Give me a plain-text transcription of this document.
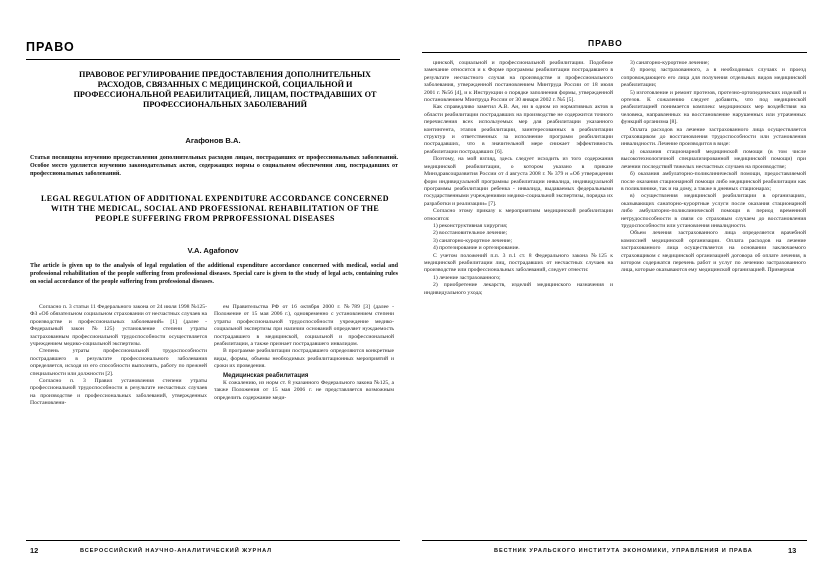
ПРАВО
ПРАВОВОЕ РЕГУЛИРОВАНИЕ ПРЕДОСТАВЛЕНИЯ ДОПОЛНИТЕЛЬНЫХ РАСХОДОВ, СВЯЗАННЫХ С МЕДИЦИНСКОЙ, СОЦИАЛЬНОЙ И ПРОФЕССИОНАЛЬНОЙ РЕАБИЛИТАЦИЕЙ, ЛИЦАМ, ПОСТРАДАВШИХ ОТ ПРОФЕССИОНАЛЬНЫХ ЗАБОЛЕВАНИЙ
Агафонов В.А.
Статья посвящена изучению предоставления дополнительных расходов лицам, пострадавших от профессиональных заболеваний. Особое место уделяется изучению законодательных актов, содержащих нормы о социальном обеспечении лиц, пострадавших от профессиональных заболеваний.
LEGAL REGULATION OF ADDITIONAL EXPENDITURE ACCORDANCE CONCERNED WITH THE MEDICAL, SOCIAL AND PROFESSIONAL REHABILITATION OF THE PEOPLE SUFFERING FROM PRPROFESSIONAL DISEASES
V.A. Agafonov
The article is given up to the analysis of legal regulation of the additional expenditure accordance concerned with medical, social and professional rehabilitation of the people suffering from professional diseases. Special care is given to the study of legal acts, containing rules on social accordance of the people suffering from professional diseases.

Согласно п. 3 статьи 11 Федерального закона от 24 июля 1998 №125-ФЗ «Об обязательном социальном страховании от несчастных случаев на производстве и профессиональных заболеваний» [1] (далее - Федеральный закон №125) установление степени утраты застрахованным профессиональной трудоспособности осуществляется учреждением медико-социальной экспертизы.

Степень утраты профессиональной трудоспособности пострадавшего в результате профессионального заболевания определяется, исходя из его способности выполнять, работу по прежней специальности или должности [2].

Согласно п. 3 Правил установления степени утраты профессиональной трудоспособности в результате несчастных случаев на производстве и профессиональных заболеваний, утвержденных Постановлени-

ем Правительства РФ от 16 октября 2000 г. №789 [3] (далее - Положение от 15 мая 2006 г.), одновременно с установлением степени утраты профессиональной трудоспособности учреждение медико-социальной экспертизы при наличии оснований определяет нуждаемость пострадавшего в медицинской, социальной и профессиональной реабилитации, а также признает пострадавшего инвалидом.

В программе реабилитации пострадавшего определяются конкретные виды, формы, объемы необходимых реабилитационных мероприятий и сроки их проведения.

Медицинская реабилитация

К сожалению, из норм ст. 8 указанного Федерального закона №125, а также Положения от 15 мая 2006 г. не представляется возможным определить содержание меди-

12	ВСЕРОССИЙСКИЙ НАУЧНО-АНАЛИТИЧЕСКИЙ ЖУРНАЛ
ПРАВО

цинской, социальной и профессиональной реабилитации. Подобное замечание относится и к Форме программы реабилитации пострадавшего в результате несчастного случая на производстве и профессионального заболевания, утвержденной постановлением Минтруда России от 18 июля 2001 г. №56 [4], и к Инструкции о порядке заполнения формы, утвержденной постановлением Минтруда России от 30 января 2002 г. №5 [5].

Как справедливо заметил А.В. Ан, ни в одном из нормативных актов в области реабилитации пострадавших на производстве не содержится точного перечисления всех используемых мер для реабилитации указанного контингента, этапов реабилитации, заинтересованных в реабилитации структур и ответственных за исполнение программ реабилитации пострадавших, что в значительной мере снижает эффективность реабилитации пострадавших [6].

Поэтому, на мой взгляд, здесь следует исходить из того содержания медицинской реабилитации, о котором указано в приказе Минздравсоцразвития России от 4 августа 2008 г. № 379 н «Об утверждении форм индивидуальной программы реабилитации инвалида, индивидуальной программы реабилитации ребенка - инвалида, выдаваемых федеральными государственными учреждениями медико-социальной экспертизы, порядка их разработки и реализации» [7].

Согласно этому приказу к мероприятиям медицинской реабилитации относятся:

1) реконструктивная хирургия;

2) восстановительное лечение;

3) санаторно-курортное лечение;

4) протезирование и ортезирование.

С учетом положений п.п. 3 п.1 ст. 8 Федерального закона №125 к медицинской реабилитации лиц, пострадавших от несчастных случаев на производстве или профессиональных заболеваний, следует отнести:

1) лечение застрахованного;

2) приобретение лекарств, изделий медицинского назначения и индивидуального ухода;

3) санаторно-курортное лечение;

4) проезд застрахованного, а в необходимых случаях и проезд сопровождающего его лица для получения отдельных видов медицинской реабилитации;

5) изготовление и ремонт протезов, протезно-ортопедических изделий и ортезов. К сожалению следует добавить, что под медицинской реабилитацией понимается комплекс медицинских мер воздействия на человека, направленных на восстановление нарушенных или утраченных функций организма [8].

Оплата расходов на лечение застрахованного лица осуществляется страховщиком до восстановления трудоспособности или установления инвалидности. Лечение производится в виде:

а) оказания стационарной медицинской помощи (в том числе высокотехнологичной специализированной медицинской помощи) при лечении последствий тяжелых несчастных случаев на производстве;

б) оказания амбулаторно-поликлинической помощи, предоставляемой после оказания стационарной помощи либо медицинской реабилитации как в поликлинике, так и на дому, а также в дневных стационарах;

в) осуществления медицинской реабилитации в организациях, оказывающих санаторно-курортные услуги после оказания стационарной либо амбулаторно-поликлинической помощи в период временной нетрудоспособности в связи со страховым случаем до восстановления трудоспособности или установления инвалидности.

Объем лечения застрахованного лица определяется врачебной комиссией медицинской организации. Оплата расходов на лечение застрахованного лица осуществляется на основании заключаемого страховщиком с медицинской организацией договора об оплате лечения, в котором содержатся перечень работ и услуг по лечению застрахованного лица, которые оказываются ему медицинской организацией. Примерная

ВЕСТНИК УРАЛЬСКОГО ИНСТИТУТА ЭКОНОМИКИ, УПРАВЛЕНИЯ И ПРАВА	13
